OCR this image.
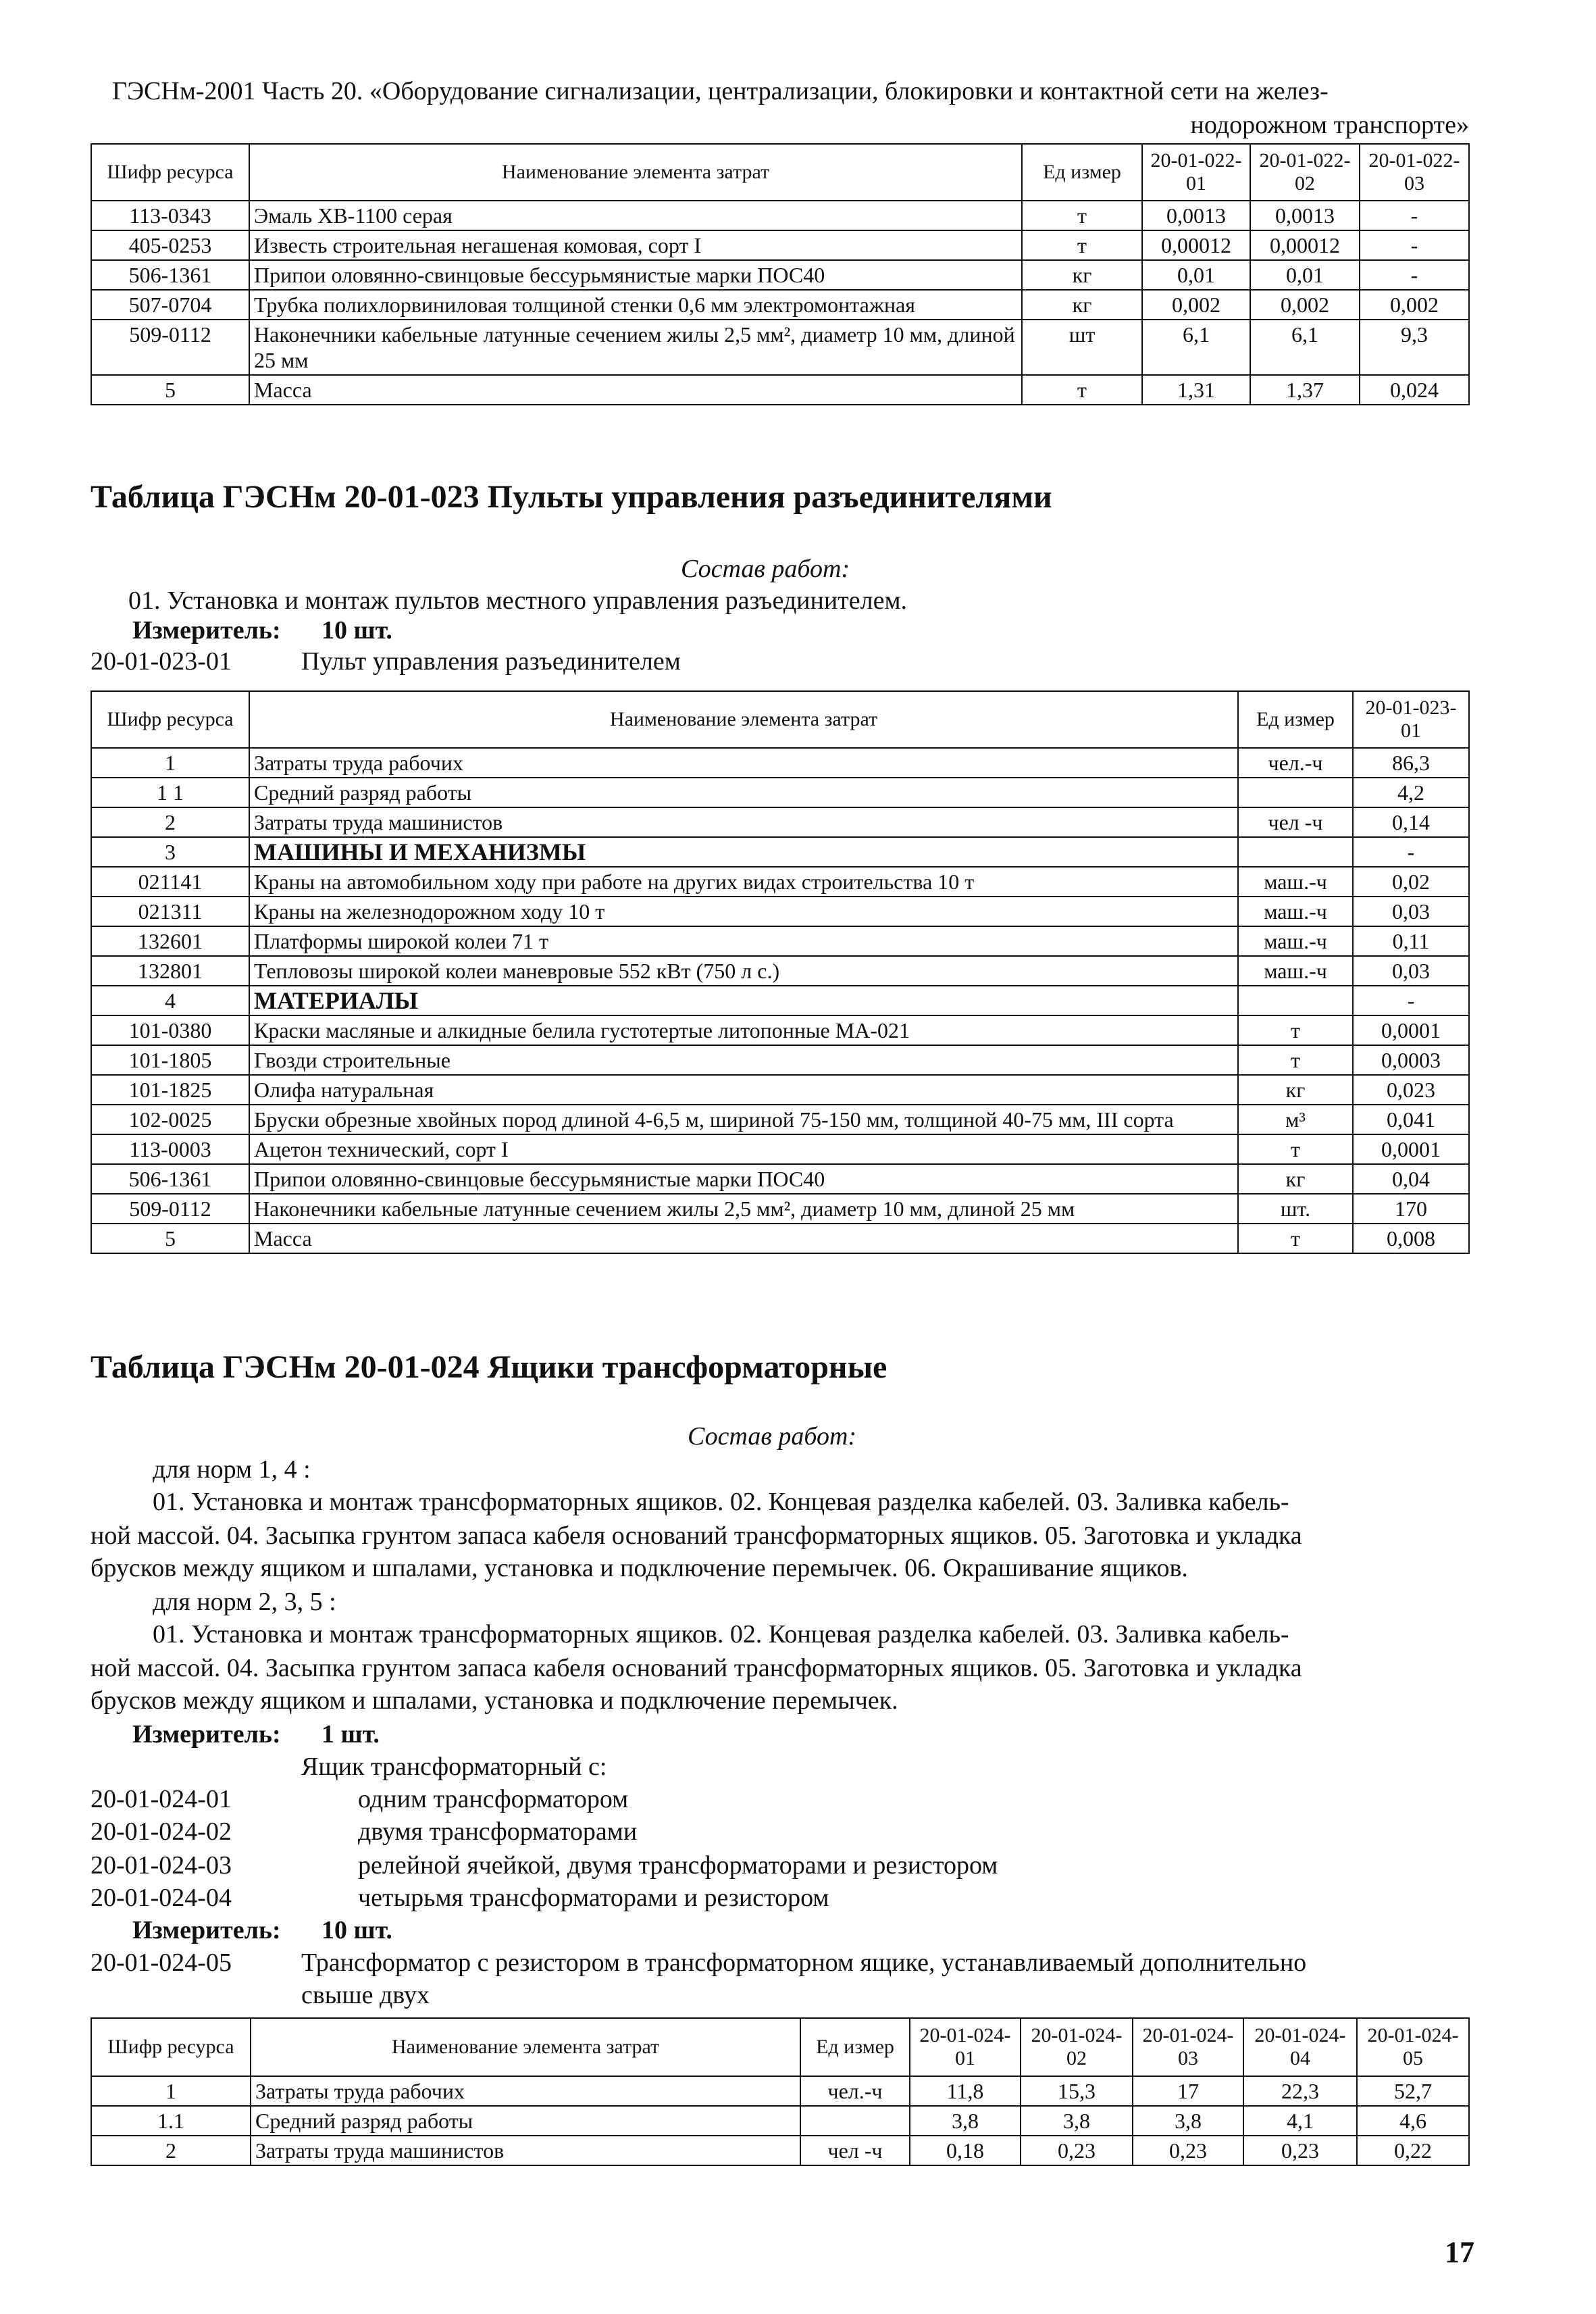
ГЭСНм-2001 Часть 20. «Оборудование сигнализации, централизации, блокировки и контактной сети на желез-
нодорожном транспорте»
Шифр ресурса	Наименование элемента затрат	Ед измер	20-01-022-01	20-01-022-02	20-01-022-03
113-0343	Эмаль ХВ-1100 серая	т	0,0013	0,0013	-
405-0253	Известь строительная негашеная комовая, сорт I	т	0,00012	0,00012	-
506-1361	Припои оловянно-свинцовые бессурьмянистые марки ПОС40	кг	0,01	0,01	-
507-0704	Трубка полихлорвиниловая толщиной стенки 0,6 мм электромонтажная	кг	0,002	0,002	0,002
509-0112	Наконечники кабельные латунные сечением жилы 2,5 мм², диаметр 10 мм, длиной 25 мм	шт	6,1	6,1	9,3
5	Масса	т	1,31	1,37	0,024
Таблица ГЭСНм 20-01-023 Пульты управления разъединителями
Состав работ:
01. Установка и монтаж пультов местного управления разъединителем.
Измеритель: 10 шт.
20-01-023-01	Пульт управления разъединителем
Шифр ресурса	Наименование элемента затрат	Ед измер	20-01-023-01
1	Затраты труда рабочих	чел.-ч	86,3
1 1	Средний разряд работы		4,2
2	Затраты труда машинистов	чел -ч	0,14
3	МАШИНЫ И МЕХАНИЗМЫ		-
021141	Краны на автомобильном ходу при работе на других видах строительства 10 т	маш.-ч	0,02
021311	Краны на железнодорожном ходу 10 т	маш.-ч	0,03
132601	Платформы широкой колеи 71 т	маш.-ч	0,11
132801	Тепловозы широкой колеи маневровые 552 кВт (750 л с.)	маш.-ч	0,03
4	МАТЕРИАЛЫ		-
101-0380	Краски масляные и алкидные белила густотертые литопонные МА-021	т	0,0001
101-1805	Гвозди строительные	т	0,0003
101-1825	Олифа натуральная	кг	0,023
102-0025	Бруски обрезные хвойных пород длиной 4-6,5 м, шириной 75-150 мм, толщиной 40-75 мм, III сорта	м³	0,041
113-0003	Ацетон технический, сорт I	т	0,0001
506-1361	Припои оловянно-свинцовые бессурьмянистые марки ПОС40	кг	0,04
509-0112	Наконечники кабельные латунные сечением жилы 2,5 мм², диаметр 10 мм, длиной 25 мм	шт.	170
5	Масса	т	0,008
Таблица ГЭСНм 20-01-024 Ящики трансформаторные
Состав работ:
для норм 1, 4 :
01. Установка и монтаж трансформаторных ящиков. 02. Концевая разделка кабелей. 03. Заливка кабель-
ной массой. 04. Засыпка грунтом запаса кабеля оснований трансформаторных ящиков. 05. Заготовка и укладка
брусков между ящиком и шпалами, установка и подключение перемычек. 06. Окрашивание ящиков.
для норм 2, 3, 5 :
01. Установка и монтаж трансформаторных ящиков. 02. Концевая разделка кабелей. 03. Заливка кабель-
ной массой. 04. Засыпка грунтом запаса кабеля оснований трансформаторных ящиков. 05. Заготовка и укладка
брусков между ящиком и шпалами, установка и подключение перемычек.
Измеритель: 1 шт.
Ящик трансформаторный с:
20-01-024-01	одним трансформатором
20-01-024-02	двумя трансформаторами
20-01-024-03	релейной ячейкой, двумя трансформаторами и резистором
20-01-024-04	четырьмя трансформаторами и резистором
Измеритель: 10 шт.
20-01-024-05	Трансформатор с резистором в трансформаторном ящике, устанавливаемый дополнительно
свыше двух
Шифр ресурса	Наименование элемента затрат	Ед измер	20-01-024-01	20-01-024-02	20-01-024-03	20-01-024-04	20-01-024-05
1	Затраты труда рабочих	чел.-ч	11,8	15,3	17	22,3	52,7
1.1	Средний разряд работы		3,8	3,8	3,8	4,1	4,6
2	Затраты труда машинистов	чел -ч	0,18	0,23	0,23	0,23	0,22
17
